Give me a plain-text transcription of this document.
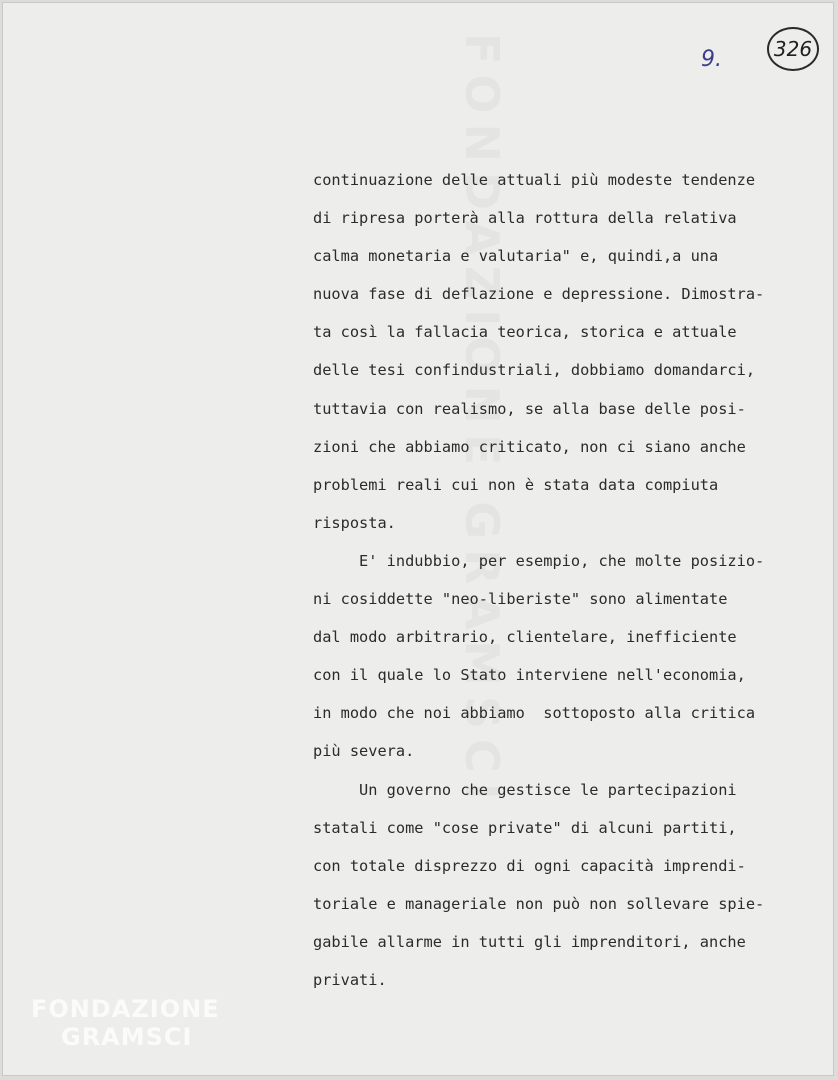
9.	326
continuazione delle attuali più modeste tendenze
di ripresa porterà alla rottura della relativa
calma monetaria e valutaria" e, quindi,a una
nuova fase di deflazione e depressione. Dimostra-
ta così la fallacia teorica, storica e attuale
delle tesi confindustriali, dobbiamo domandarci,
tuttavia con realismo, se alla base delle posi-
zioni che abbiamo criticato, non ci siano anche
problemi reali cui non è stata data compiuta
risposta.
E' indubbio, per esempio, che molte posizio-
ni cosiddette "neo-liberiste" sono alimentate
dal modo arbitrario, clientelare, inefficiente
con il quale lo Stato interviene nell'economia,
in modo che noi abbiamo  sottoposto alla critica
più severa.
Un governo che gestisce le partecipazioni
statali come "cose private" di alcuni partiti,
con totale disprezzo di ogni capacità imprendi-
toriale e manageriale non può non sollevare spie-
gabile allarme in tutti gli imprenditori, anche
privati.
FONDAZIONE
GRAMSCI
